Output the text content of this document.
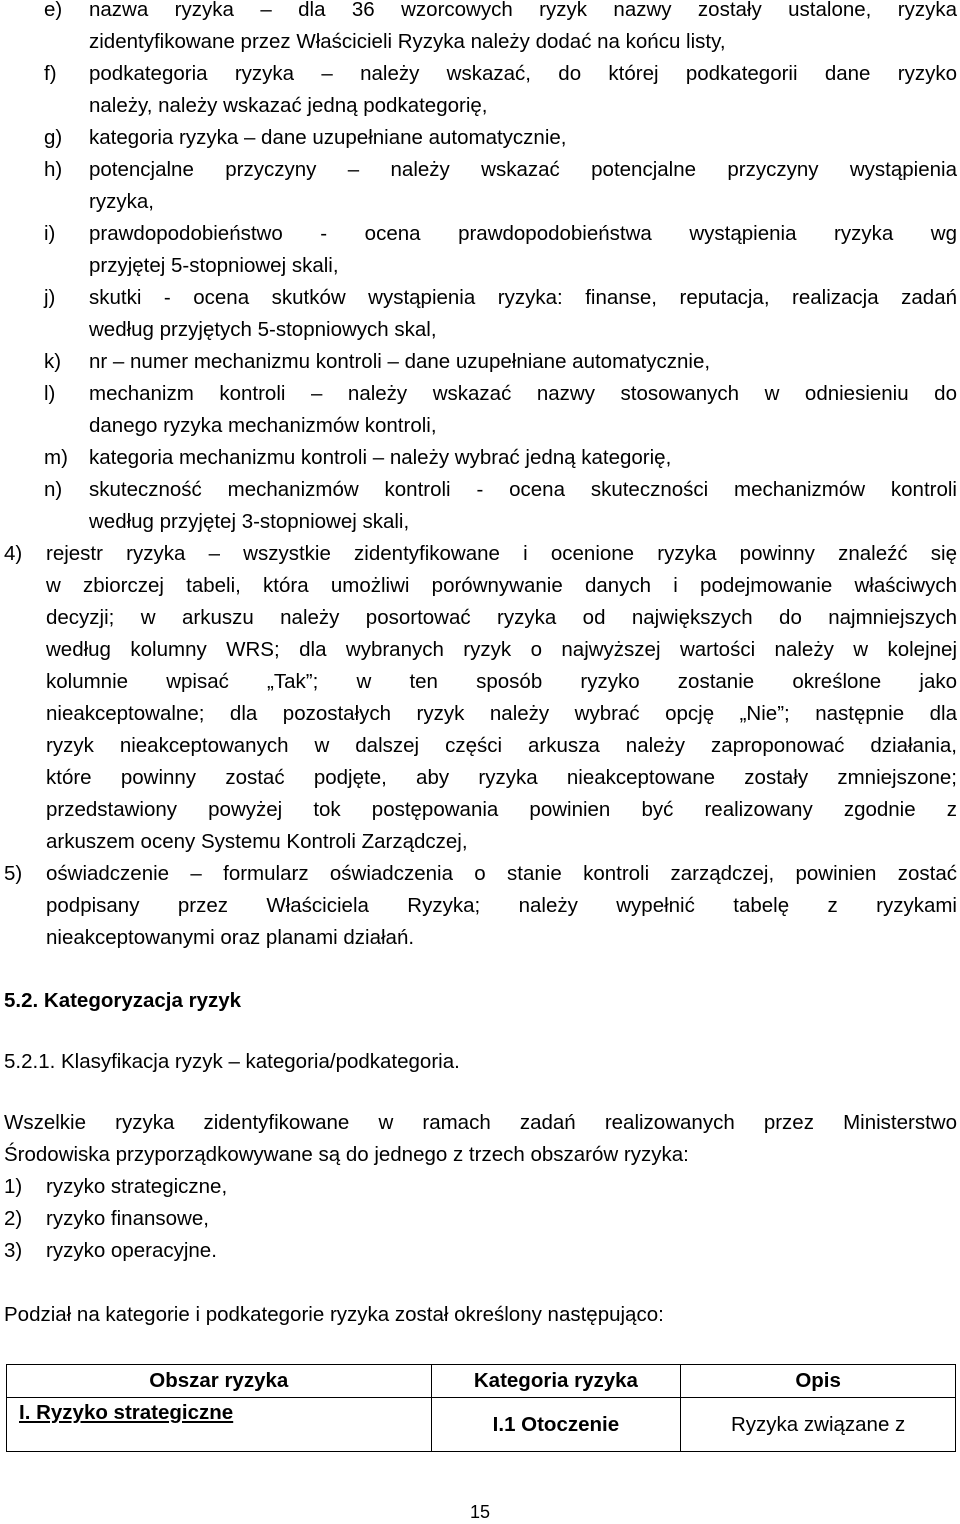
e) nazwa ryzyka – dla 36 wzorcowych ryzyk nazwy zostały ustalone, ryzyka
zidentyfikowane przez Właścicieli Ryzyka należy dodać na końcu listy,
f) podkategoria ryzyka – należy wskazać, do której podkategorii dane ryzyko
należy, należy wskazać jedną podkategorię,
g) kategoria ryzyka – dane uzupełniane automatycznie,
h) potencjalne przyczyny – należy wskazać potencjalne przyczyny wystąpienia
ryzyka,
i) prawdopodobieństwo - ocena prawdopodobieństwa wystąpienia ryzyka wg
przyjętej 5-stopniowej skali,
j) skutki - ocena skutków wystąpienia ryzyka: finanse, reputacja, realizacja zadań
według przyjętych 5-stopniowych skal,
k) nr – numer mechanizmu kontroli – dane uzupełniane automatycznie,
l) mechanizm kontroli – należy wskazać nazwy stosowanych w odniesieniu do
danego ryzyka mechanizmów kontroli,
m) kategoria mechanizmu kontroli – należy wybrać jedną kategorię,
n) skuteczność mechanizmów kontroli - ocena skuteczności mechanizmów kontroli
według przyjętej 3-stopniowej skali,
4) rejestr ryzyka – wszystkie zidentyfikowane i ocenione ryzyka powinny znaleźć się
w zbiorczej tabeli, która umożliwi porównywanie danych i podejmowanie właściwych
decyzji; w arkuszu należy posortować ryzyka od największych do najmniejszych
według kolumny WRS; dla wybranych ryzyk o najwyższej wartości należy w kolejnej
kolumnie wpisać „Tak”; w ten sposób ryzyko zostanie określone jako
nieakceptowalne; dla pozostałych ryzyk należy wybrać opcję „Nie”; następnie dla
ryzyk nieakceptowanych w dalszej części arkusza należy zaproponować działania,
które powinny zostać podjęte, aby ryzyka nieakceptowane zostały zmniejszone;
przedstawiony powyżej tok postępowania powinien być realizowany zgodnie z
arkuszem oceny Systemu Kontroli Zarządczej,
5) oświadczenie – formularz oświadczenia o stanie kontroli zarządczej, powinien zostać
podpisany przez Właściciela Ryzyka; należy wypełnić tabelę z ryzykami
nieakceptowanymi oraz planami działań.
5.2. Kategoryzacja ryzyk
5.2.1. Klasyfikacja ryzyk – kategoria/podkategoria.
Wszelkie ryzyka zidentyfikowane w ramach zadań realizowanych przez Ministerstwo
Środowiska przyporządkowywane są do jednego z trzech obszarów ryzyka:
1) ryzyko strategiczne,
2) ryzyko finansowe,
3) ryzyko operacyjne.
Podział na kategorie i podkategorie ryzyka został określony następująco:
Obszar ryzyka	Kategoria ryzyka	Opis
I. Ryzyko strategiczne	I.1 Otoczenie	Ryzyka związane z
15
